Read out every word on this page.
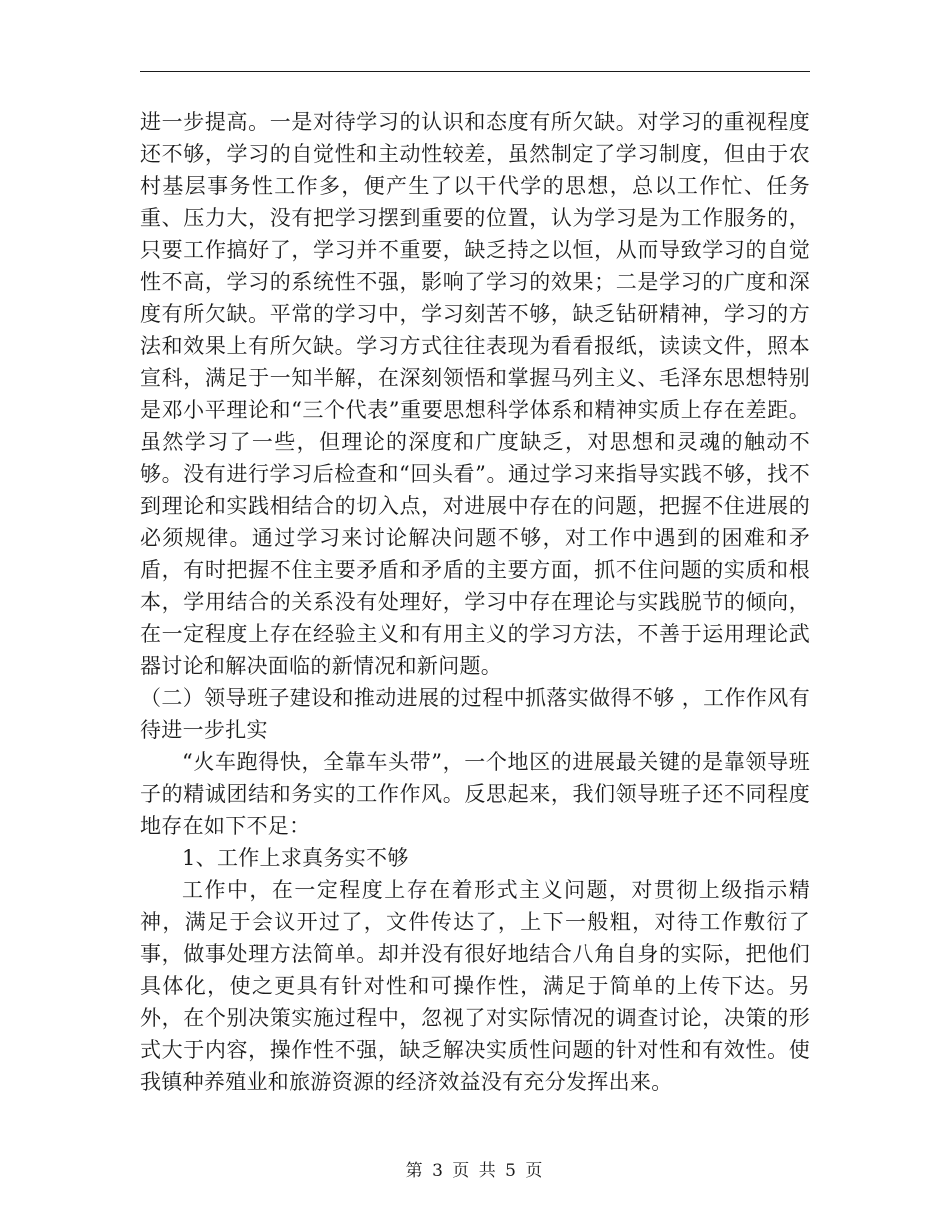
进一步提高。一是对待学习的认识和态度有所欠缺。对学习的重视程度还不够，学习的自觉性和主动性较差，虽然制定了学习制度，但由于农村基层事务性工作多，便产生了以干代学的思想，总以工作忙、任务重、压力大，没有把学习摆到重要的位置，认为学习是为工作服务的，只要工作搞好了，学习并不重要，缺乏持之以恒，从而导致学习的自觉性不高，学习的系统性不强，影响了学习的效果；二是学习的广度和深度有所欠缺。平常的学习中，学习刻苦不够，缺乏钻研精神，学习的方法和效果上有所欠缺。学习方式往往表现为看看报纸，读读文件，照本宣科，满足于一知半解，在深刻领悟和掌握马列主义、毛泽东思想特别是邓小平理论和“三个代表”重要思想科学体系和精神实质上存在差距。虽然学习了一些，但理论的深度和广度缺乏，对思想和灵魂的触动不够。没有进行学习后检查和“回头看”。通过学习来指导实践不够，找不到理论和实践相结合的切入点，对进展中存在的问题，把握不住进展的必须规律。通过学习来讨论解决问题不够，对工作中遇到的困难和矛盾，有时把握不住主要矛盾和矛盾的主要方面，抓不住问题的实质和根本，学用结合的关系没有处理好，学习中存在理论与实践脱节的倾向，在一定程度上存在经验主义和有用主义的学习方法，不善于运用理论武器讨论和解决面临的新情况和新问题。

（二）领导班子建设和推动进展的过程中抓落实做得不够 ，工作作风有待进一步扎实

“火车跑得快，全靠车头带”，一个地区的进展最关键的是靠领导班子的精诚团结和务实的工作作风。反思起来，我们领导班子还不同程度地存在如下不足：

1、工作上求真务实不够

工作中，在一定程度上存在着形式主义问题，对贯彻上级指示精神，满足于会议开过了，文件传达了，上下一般粗，对待工作敷衍了事，做事处理方法简单。却并没有很好地结合八角自身的实际，把他们具体化，使之更具有针对性和可操作性，满足于简单的上传下达。另外，在个别决策实施过程中，忽视了对实际情况的调查讨论，决策的形式大于内容，操作性不强，缺乏解决实质性问题的针对性和有效性。使我镇种养殖业和旅游资源的经济效益没有充分发挥出来。

第 3 页 共 5 页
